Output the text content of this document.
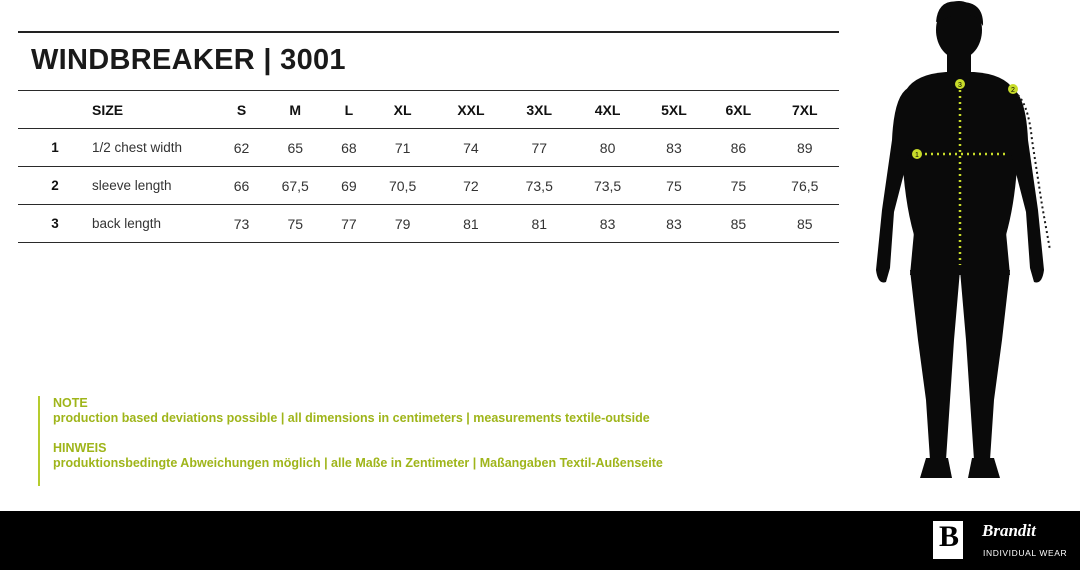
WINDBREAKER | 3001
	SIZE	S	M	L	XL	XXL	3XL	4XL	5XL	6XL	7XL
1	1/2 chest width	62	65	68	71	74	77	80	83	86	89
2	sleeve length	66	67,5	69	70,5	72	73,5	73,5	75	75	76,5
3	back length	73	75	77	79	81	81	83	83	85	85
NOTE
production based deviations possible | all dimensions in centimeters | measurements textile-outside
HINWEIS
produktionsbedingte Abweichungen möglich | alle Maße in Zentimeter | Maßangaben Textil-Außenseite
1
2
3
B Brandit
INDIVIDUAL WEAR
